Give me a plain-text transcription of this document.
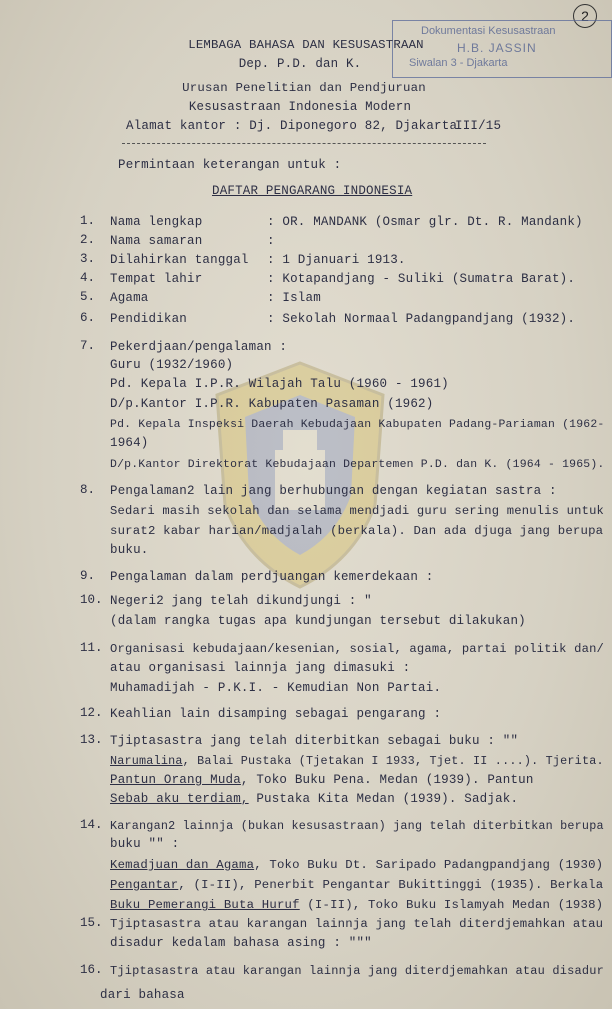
2
Dokumentasi Kesusastraan
H.B. JASSIN
Siwalan 3 - Djakarta
LEMBAGA BAHASA DAN KESUSASTRAAN
Dep. P.D. dan K.
Urusan Penelitian dan Pendjuruan
Kesusastraan Indonesia Modern
Alamat kantor : Dj. Diponegoro 82, Djakarta
III/15
Permintaan keterangan untuk :
DAFTAR PENGARANG INDONESIA
1. Nama lengkap	: OR. MANDANK (Osmar glr. Dt. R. Mandank)
2. Nama samaran	:
3. Dilahirkan tanggal : 1 Djanuari 1913.
4. Tempat lahir	: Kotapandjang - Suliki (Sumatra Barat).
5. Agama	: Islam
6. Pendidikan	: Sekolah Normaal Padangpandjang (1932).
7. Pekerdjaan/pengalaman :
Guru (1932/1960)
Pd. Kepala I.P.R. Wilajah Talu (1960 - 1961)
D/p.Kantor I.P.R. Kabupaten Pasaman (1962)
Pd. Kepala Inspeksi Daerah Kebudajaan Kabupaten Padang-Pariaman (1962-
1964)
D/p.Kantor Direktorat Kebudajaan Departemen P.D. dan K. (1964 - 1965).
8. Pengalaman2 lain jang berhubungan dengan kegiatan sastra :
Sedari masih sekolah dan selama mendjadi guru sering menulis untuk
surat2 kabar harian/madjalah (berkala). Dan ada djuga jang berupa
buku.
9. Pengalaman dalam perdjuangan kemerdekaan :
10. Negeri2 jang telah dikundjungi : "
(dalam rangka tugas apa kundjungan tersebut dilakukan)
11. Organisasi kebudajaan/kesenian, sosial, agama, partai politik dan/
atau organisasi lainnja jang dimasuki :
Muhamadijah - P.K.I. - Kemudian Non Partai.
12. Keahlian lain disamping sebagai pengarang :
13. Tjiptasastra jang telah diterbitkan sebagai buku : ""
Narumalina, Balai Pustaka (Tjetakan I 1933, Tjet. II ....). Tjerita.
Pantun Orang Muda, Toko Buku Pena. Medan (1939). Pantun
Sebab aku terdiam, Pustaka Kita Medan (1939). Sadjak.
14. Karangan2 lainnja (bukan kesusastraan) jang telah diterbitkan berupa
buku "" :
Kemadjuan dan Agama, Toko Buku Dt. Saripado Padangpandjang (1930)
Pengantar, (I-II), Penerbit Pengantar Bukittinggi (1935). Berkala
Buku Pemerangi Buta Huruf (I-II), Toko Buku Islamyah Medan (1938)
15. Tjiptasastra atau karangan lainnja jang telah diterdjemahkan atau
disadur kedalam bahasa asing : """
16. Tjiptasastra atau karangan lainnja jang diterdjemahkan atau disadur
dari bahasa
